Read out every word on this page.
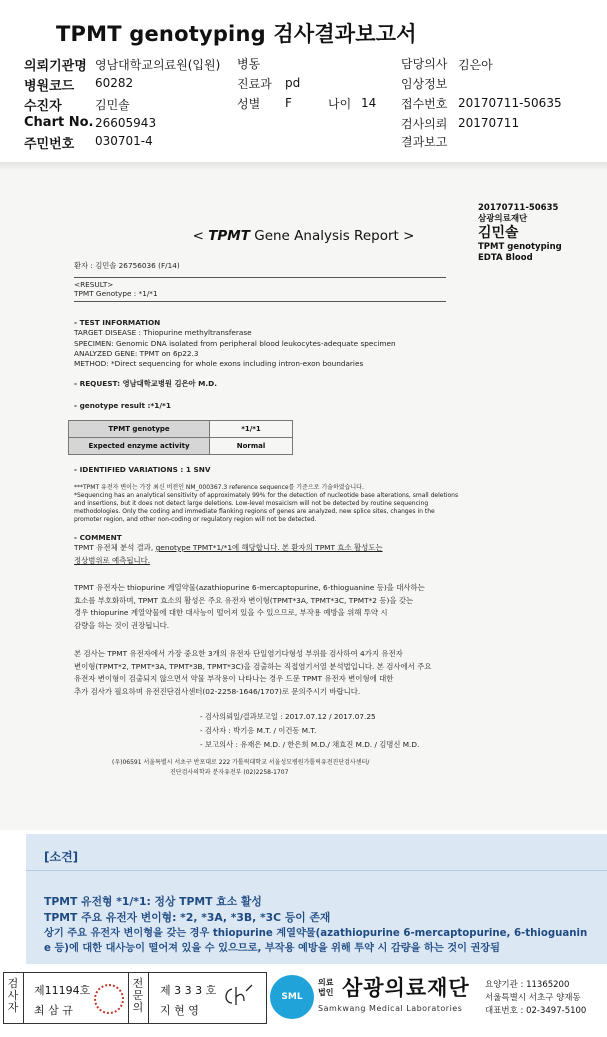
TPMT genotyping 검사결과보고서
의뢰기관명 영남대학교의료원(입원)
병원코드 60282
수진자	김민솔
Chart No. 26605943
주민번호 030701-4
병동
진료과 pd
성별 F	나이 14
담당의사 김은아
임상정보
접수번호 20170711-50635
검사의뢰 20170711
결과보고
20170711-50635
삼광의료재단
김민솔
TPMT genotyping
EDTA Blood
< TPMT Gene Analysis Report >
환자 : 김민솔 26756036 (F/14)
<RESULT>
TPMT Genotype : *1/*1
- TEST INFORMATION
TARGET DISEASE : Thiopurine methyltransferase
SPECIMEN: Genomic DNA isolated from peripheral blood leukocytes-adequate specimen
ANALYZED GENE: TPMT on 6p22.3
METHOD: *Direct sequencing for whole exons including intron-exon boundaries
- REQUEST: 영남대학교병원 김은아 M.D.
- genotype result :*1/*1
TPMT genotype	*1/*1
Expected enzyme activity	Normal
- IDENTIFIED VARIATIONS : 1 SNV
***TPMT 유전자 변이는 가장 최신 버전인 NM_000367.3 reference sequence를 기준으로 기술하였습니다.
*Sequencing has an analytical sensitivity of approximately 99% for the detection of nucleotide base alterations, small deletions
and insertions, but it does not detect large deletions. Low-level mosaicism will not be detected by routine sequencing
methodologies. Only the coding and immediate flanking regions of genes are analyzed, new splice sites, changes in the
promoter region, and other non-coding or regulatory region will not be detected.
- COMMENT

TPMT 유전체 분석 결과, genotype TPMT*1/*1에 해당합니다. 본 환자의 TPMT 효소 활성도는

정상범위로 예측됩니다.

TPMT 유전자는 thiopurine 계열약물(azathiopurine 6-mercaptopurine, 6-thioguanine 등)을 대사하는

효소를 부호화하며, TPMT 효소의 활성은 주요 유전자 변이형(TPMT*3A, TPMT*3C, TPMT*2 등)을 갖는

경우 thiopurine 계열약물에 대한 대사능이 떨어져 있을 수 있으므로, 부작용 예방을 위해 투약 시

감량을 하는 것이 권장됩니다.

본 검사는 TPMT 유전자에서 가장 중요한 3개의 유전자 단일염기다형성 부위를 검사하여 4가지 유전자

변이형(TPMT*2, TPMT*3A, TPMT*3B, TPMT*3C)을 검출하는 직접염기서열 분석법입니다. 본 검사에서 주요

유전자 변이형이 검출되지 않으면서 약물 부작용이 나타나는 경우 드문 TPMT 유전자 변이형에 대한

추가 검사가 필요하며 유전진단검사센터(02-2258-1646/1707)로 문의주시기 바랍니다.

- 검사의뢰일/결과보고일 : 2017.07.12 / 2017.07.25
- 검사자 : 박기응 M.T. / 이건동 M.T.
- 보고의사 : 유재은 M.D. / 한은희 M.D./ 채효진 M.D. / 김명신 M.D.
(우)06591 서울특별시 서초구 반포대로 222 가톨릭대학교 서울성모병원가톨릭유전진단검사센터/
진단검사의학과 분자유전부 (02)2258-1707
[소견]
TPMT 유전형 *1/*1: 정상 TPMT 효소 활성
TPMT 주요 유전자 변이형: *2, *3A, *3B, *3C 등이 존재
상기 주요 유전자 변이형을 갖는 경우 thiopurine 계열약물(azathiopurine 6-mercaptopurine, 6-thioguanin
e 등)에 대한 대사능이 떨어져 있을 수 있으므로, 부작용 예방을 위해 투약 시 감량을 하는 것이 권장됨
검사자
제11194호
최 삼 규
전문의
제 3 3 3 호
지 현 영
SML
의료법인 삼광의료재단
Samkwang Medical Laboratories
요양기관 : 11365200
서울특별시 서초구 양재동
대표번호 : 02-3497-5100
